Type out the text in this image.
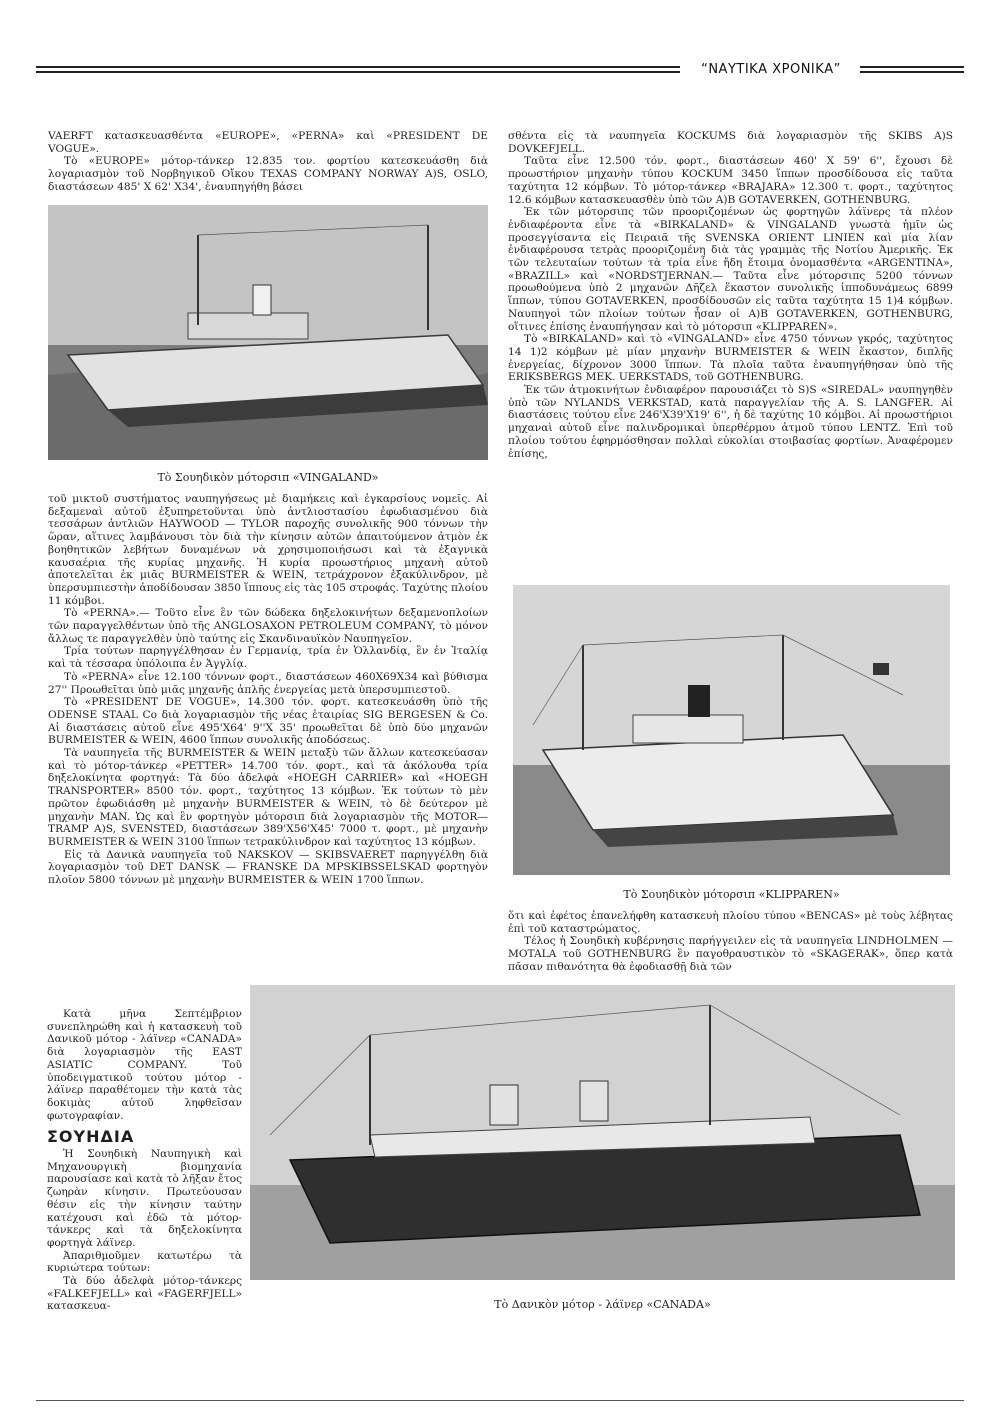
“ΝΑΥΤΙΚΑ ΧΡΟΝΙΚΑ”

VAERFT κατασκευασθέντα «EUROPE», «PERNA» καὶ «PRESIDENT DE VOGUE».

Τὸ «EUROPE» μότορ-τάνκερ 12.835 τον. φορτίου κατεσκευάσθη διὰ λογαριασμὸν τοῦ Νορβηγικοῦ Οἴκου TEXAS COMPANY NORWAY A)S, OSLO, διαστάσεων 485' X 62' X34', ἐναυπηγήθη βάσει

Τὸ Σουηδικὸν μότορσιπ «VINGALAND»

τοῦ μικτοῦ συστήματος ναυπηγήσεως μὲ διαμήκεις καὶ ἐγκαρσίους νομεῖς. Αἱ δεξαμεναὶ αὐτοῦ ἐξυπηρετοῦνται ὑπὸ ἀντλιοστασίου ἐφωδιασμένου διὰ τεσσάρων ἀντλιῶν HAYWOOD — TYLOR παροχῆς συνολικῆς 900 τόννων τὴν ὥραν, αἵτινες λαμβάνουσι τὸν διὰ τὴν κίνησιν αὐτῶν ἀπαιτούμενον ἀτμὸν ἐκ βοηθητικῶν λεβήτων δυναμένων νὰ χρησιμοποιήσωσι καὶ τὰ ἐξαγνικὰ καυσαέρια τῆς κυρίας μηχανῆς. Ἡ κυρία προωστήριος μηχανὴ αὐτοῦ ἀποτελεῖται ἐκ μιᾶς BURMEISTER & WEIN, τετράχρονον ἑξακύλινδρον, μὲ ὑπερσυμπιεστὴν ἀποδίδουσαν 3850 ἵππους εἰς τὰς 105 στροφάς. Ταχύτης πλοίου 11 κόμβοι.

Τὸ «PERNA».— Τοῦτο εἶνε ἓν τῶν δώδεκα δηξελοκινήτων δεξαμενοπλοίων τῶν παραγγελθέντων ὑπὸ τῆς ANGLOSAXON PETROLEUM COMPANY, τὸ μόνον ἄλλως τε παραγγελθὲν ὑπὸ ταύτης εἰς Σκανδιναυϊκὸν Ναυπηγεῖον.

Τρία τούτων παρηγγέλθησαν ἐν Γερμανίᾳ, τρία ἐν Ὁλλανδίᾳ, ἓν ἐν Ἰταλίᾳ καὶ τὰ τέσσαρα ὑπόλοιπα ἐν Ἀγγλίᾳ.

Τὸ «PERNA» εἶνε 12.100 τόννων φορτ., διαστάσεων 460X69X34 καὶ βύθισμα 27'' Προωθεῖται ὑπὸ μιᾶς μηχανῆς ἁπλῆς ἐνεργείας μετὰ ὑπερσυμπιεστοῦ.

Τὸ «PRESIDENT DE VOGUE», 14.300 τόν. φορτ. κατεσκευάσθη ὑπὸ τῆς ODENSE STAAL Co διὰ λογαριασμὸν τῆς νέας ἑταιρίας SIG BERGESEN & Co. Αἱ διαστάσεις αὐτοῦ εἶνε 495'X64' 9''X 35' προωθεῖται δὲ ὑπὸ δύο μηχανῶν BURMEISTER & WEIN, 4600 ἵππων συνολικῆς ἀποδόσεως.

Τὰ ναυπηγεῖα τῆς BURMEISTER & WEIN μεταξὺ τῶν ἄλλων κατεσκεύασαν καὶ τὸ μότορ-τάνκερ «PETTER» 14.700 τόν. φορτ., καὶ τὰ ἀκόλουθα τρία δηξελοκίνητα φορτηγά: Τὰ δύο ἀδελφὰ «HOEGH CARRIER» καὶ «HOEGH TRANSPORTER» 8500 τόν. φορτ., ταχύτητος 13 κόμβων. Ἐκ τούτων τὸ μὲν πρῶτον ἐφωδιάσθη μὲ μηχανὴν BURMEISTER & WEIN, τὸ δὲ δεύτερον μὲ μηχανὴν MAN. Ὡς καὶ ἓν φορτηγὸν μότορσιπ διὰ λογαριασμὸν τῆς MOTOR—TRAMP A)S, SVENSTED, διαστάσεων 389'X56'X45' 7000 τ. φορτ., μὲ μηχανὴν BURMEISTER & WEIN 3100 ἵππων τετρακύλινδρον καὶ ταχύτητος 13 κόμβων.

Εἰς τὰ Δανικὰ ναυπηγεῖα τοῦ NAKSKOV — SKIBSVAERET παρηγγέλθη διὰ λογαριασμὸν τοῦ DET DANSK — FRANSKE DA MPSKIBSSELSKAD φορτηγὸν πλοῖον 5800 τόννων μὲ μηχανὴν BURMEISTER & WEIN 1700 ἵππων.

Κατὰ μῆνα Σεπτέμβριον συνεπληρώθη καὶ ἡ κατασκευὴ τοῦ Δανικοῦ μότορ - λάϊνερ «CANADA» διὰ λογαριασμὸν τῆς EAST ASIATIC COMPANY. Τοῦ ὑποδειγματικοῦ τούτου μότορ - λάϊνερ παραθέτομεν τὴν κατὰ τὰς δοκιμὰς αὐτοῦ ληφθεῖσαν φωτογραφίαν.

ΣΟΥΗΔΙΑ

Ἡ Σουηδικὴ Ναυπηγικὴ καὶ Μηχανουργικὴ βιομηχανία παρουσίασε καὶ κατὰ τὸ λῆξαν ἔτος ζωηρὰν κίνησιν. Πρωτεύουσαν θέσιν εἰς τὴν κίνησιν ταύτην κατέχουσι καὶ ἐδῶ τὰ μότορ-τάνκερς καὶ τὰ δηξελοκίνητα φορτηγὰ λάϊνερ.

Ἀπαριθμοῦμεν κατωτέρω τὰ κυριώτερα τούτων:

Τὰ δύο ἀδελφὰ μότορ-τάνκερς «FALKEFJELL» καὶ «FAGERFJELL» κατασκευα-

σθέντα εἰς τὰ ναυπηγεῖα KOCKUMS διὰ λογαριασμὸν τῆς SKIBS A)S DOVKEFJELL.

Ταῦτα εἶνε 12.500 τόν. φορτ., διαστάσεων 460' X 59' 6'', ἔχουσι δὲ προωστήριον μηχανὴν τύπου KOCKUM 3450 ἵππων προσδίδουσα εἰς ταῦτα ταχύτητα 12 κόμβων. Τὸ μότορ-τάνκερ «BRAJARA» 12.300 τ. φορτ., ταχύτητος 12.6 κόμβων κατασκευασθὲν ὑπὸ τῶν A)B GOTAVERKEN, GOTHENBURG.

Ἐκ τῶν μότορσιπς τῶν προοριζομένων ὡς φορτηγῶν λάϊνερς τὰ πλέον ἐνδιαφέροντα εἶνε τὰ «BIRKALAND» & VINGALAND γνωστὰ ἡμῖν ὡς προσεγγίσαντα εἰς Πειραιᾶ τῆς SVENSKA ORIENT LINIEN καὶ μία λίαν ἐνδιαφέρουσα τετρὰς προοριζομένη διὰ τὰς γραμμὰς τῆς Νοτίου Ἀμερικῆς. Ἐκ τῶν τελευταίων τούτων τὰ τρία εἶνε ἤδη ἕτοιμα ὀνομασθέντα «ARGENTINA», «BRAZILL» καὶ «NORDSTJERNAN.— Ταῦτα εἶνε μότορσιπς 5200 τόννων προωθούμενα ὑπὸ 2 μηχανῶν Δῆζελ ἕκαστον συνολικῆς ἱπποδυνάμεως 6899 ἵππων, τύπου GOTAVERKEN, προσδίδουσῶν εἰς ταῦτα ταχύτητα 15 1)4 κόμβων. Ναυπηγοὶ τῶν πλοίων τούτων ἦσαν οἱ A)B GOTAVERKEN, GOTHENBURG, οἵτινες ἐπίσης ἐναυπήγησαν καὶ τὸ μότορσιπ «KLIPPAREN».

Τὸ «BIRKALAND» καὶ τὸ «VINGALAND» εἶνε 4750 τόννων γκρός, ταχύτητος 14 1)2 κόμβων μὲ μίαν μηχανὴν BURMEISTER & WEIN ἕκαστον, διπλῆς ἐνεργείας, δίχρονον 3000 ἵππων. Τὰ πλοῖα ταῦτα ἐναυπηγήθησαν ὑπὸ τῆς ERIKSBERGS MEK. UERKSTADS, τοῦ GOTHENBURG.

Ἐκ τῶν ἀτμοκινήτων ἐνδιαφέρον παρουσιάζει τὸ S)S «SIREDAL» ναυπηγηθὲν ὑπὸ τῶν NYLANDS VERKSTAD, κατὰ παραγγελίαν τῆς A. S. LANGFER. Αἱ διαστάσεις τούτου εἶνε 246'X39'X19' 6'', ἡ δὲ ταχύτης 10 κόμβοι. Αἱ προωστήριοι μηχαναὶ αὐτοῦ εἶνε παλινδρομικαὶ ὑπερθέρμου ἀτμοῦ τύπου LENTZ. Ἐπὶ τοῦ πλοίου τούτου ἐφηρμόσθησαν πολλαὶ εὐκολίαι στοιβασίας φορτίων. Ἀναφέρομεν ἐπίσης,

Τὸ Σουηδικὸν μότορσιπ «KLIPPAREN»

ὅτι καὶ ἐφέτος ἐπανελήφθη κατασκευὴ πλοίου τύπου «BENCAS» μὲ τοὺς λέβητας ἐπὶ τοῦ καταστρώματος.

Τέλος ἡ Σουηδικὴ κυβέρνησις παρήγγειλεν εἰς τὰ ναυπηγεῖα LINDHOLMEN — MOTALA τοῦ GOTHENBURG ἓν παγοθραυστικὸν τὸ «SKAGERAK», ὅπερ κατὰ πᾶσαν πιθανότητα θὰ ἐφοδιασθῇ διὰ τῶν

Τὸ Δανικὸν μότορ - λάϊνερ «CANADA»
